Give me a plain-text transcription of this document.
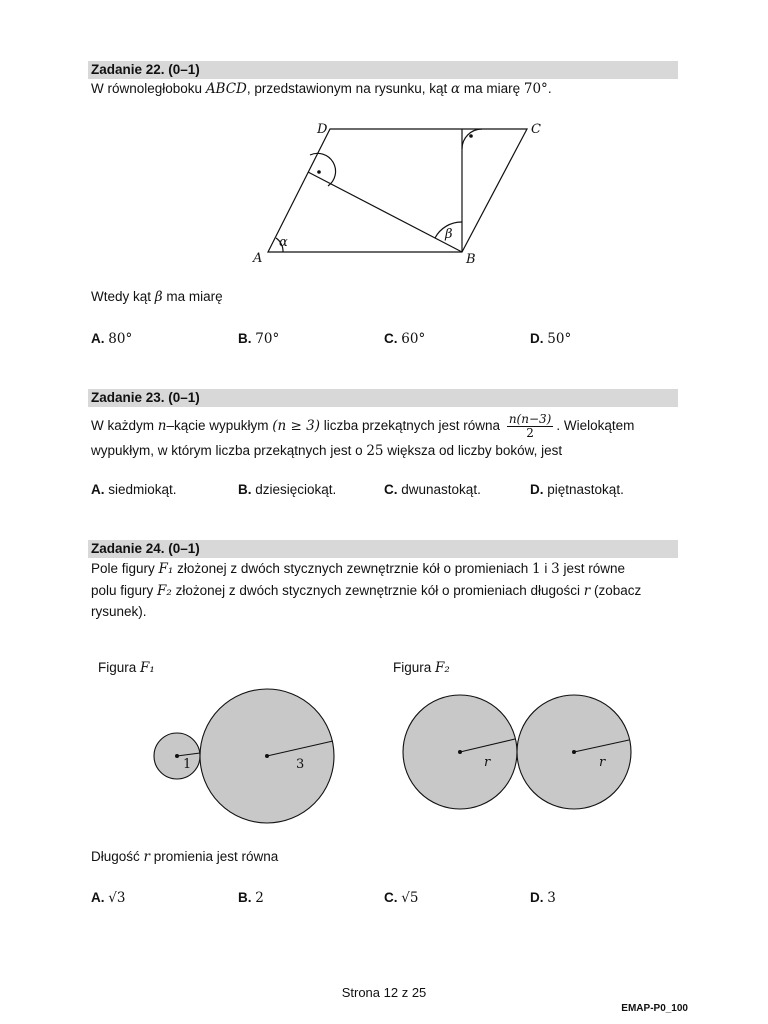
Zadanie 22. (0–1)
W równoległoboku ABCD, przedstawionym na rysunku, kąt α ma miarę 70°.
A	B
C
D
α
β
Wtedy kąt β ma miarę
A. 80°	B. 70°	C. 60°	D. 50°
Zadanie 23. (0–1)
W każdym n–kącie wypukłym (n ≥ 3) liczba przekątnych jest równa $\frac{n(n-3)}{2}$ . Wielokątem
wypukłym, w którym liczba przekątnych jest o 25 większa od liczby boków, jest
A. siedmiokąt.	B. dziesięciokąt.	C. dwunastokąt.	D. piętnastokąt.
Zadanie 24. (0–1)
Pole figury F₁ złożonej z dwóch stycznych zewnętrznie kół o promieniach 1 i 3 jest równe
polu figury F₂ złożonej z dwóch stycznych zewnętrznie kół o promieniach długości r (zobacz
rysunek).
Figura F₁	Figura F₂
1	3	r	r
Długość r promienia jest równa
A. √3	B. 2	C. √5	D. 3
Strona 12 z 25
EMAP-P0_100
